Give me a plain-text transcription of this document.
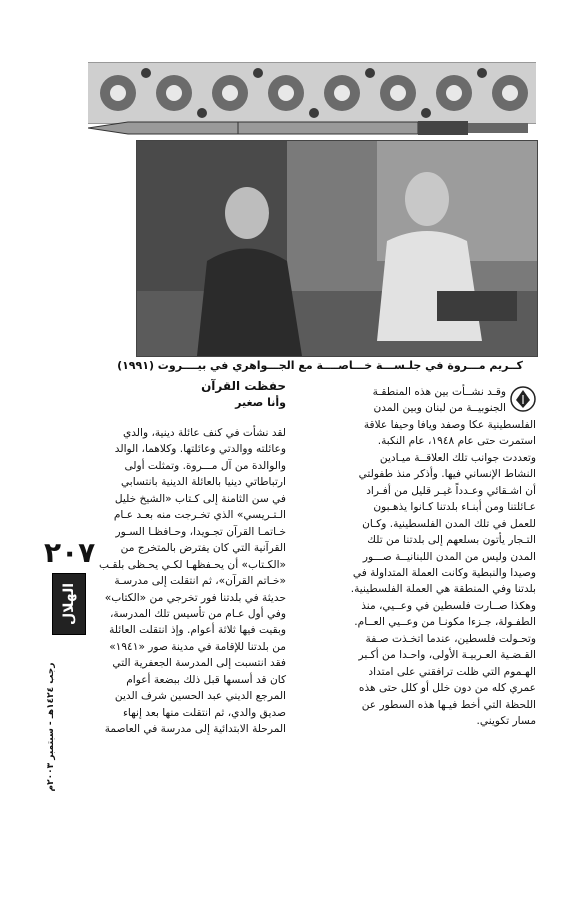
كــريم مـــروة في جلـســـة خـــاصــــة مع الجـــواهري في بيــــروت (١٩٩١)

وقـد نشــأت بين هذه المنطقـة

الجنوبيــة من لبنان وبين المدن

الفلسطينية عكا وصفد ويافا وحيفا علاقة

استمرت حتى عام ١٩٤٨، عام النكبة.

وتعددت جوانب تلك العلاقــة ميـادين

النشاط الإنساني فيها. وأذكر منذ طفولتي

أن اشـقائي وعـدداً غيـر قليل من أفـراد

عـائلتنا ومن أبنـاء بلدتنا كـانوا يذهـبون

للعمل في تلك المدن الفلسطينية. وكـان

التـجار يأتون بسلعهم إلى بلدتنا من تلك

المدن وليس من المدن اللبنانيــة صـــور

وصيدا والنبطية وكانت العملة المتداولة في

بلدتنا وفي المنطقة هي العملة الفلسطينية.

وهكذا صــارت فلسطين في وعــيي، منذ

الطفـولة، جـزءا مكونـا من وعــيي العــام.

وتحـولت فلسطين، عندما اتخـذت صـفة

القـضـية العـربيـة الأولى، واحـدا من أكـبر

الهـموم التي ظلت ترافقني على امتداد

عمري كله من دون خلل أو كلل حتى هذه

اللحظة التي أخط فيـها هذه السطور عن

مسار تكويني.

حفظت القرآن

وأنا صغير

لقد نشأت في كنف عائلة دينية، والدي

وعائلته ووالدتي وعائلتها. وكلاهما، الوالد

والوالدة من آل مـــروة. وتمثلت أولى

ارتباطاتي دينيا بالعائلة الدينية بانتسابي

في سن الثامنة إلى كـتاب «الشيخ خليل

الـتـريسي» الذي تخـرجت منه بعـد عـام

خـاتمـا القرآن تجـويدا، وحـافظـا السـور

القرآنية التي كان يفترض بالمتخرج من

«الكـتاب» أن يحـفظهـا لكـي يحـظى بلقـب

«خـاتم القرآن»، ثم انتقلت إلى مدرسـة

حديثة في بلدتنا فور تخرجي من «الكتاب»

وفي أول عـام من تأسيس تلك المدرسة،

وبقيت فيها ثلاثة أعوام. وإذ انتقلت العائلة

من بلدتنا للإقامة في مدينة صور «١٩٤١»

فقد انتسبت إلى المدرسة الجعفرية التي

كان قد أسسها قبل ذلك ببضعة أعوام

المرجع الديني عبد الحسين شرف الدين

صديق والدي، ثم انتقلت منها بعد إنهاء

المرحلة الابتدائية إلى مدرسة في العاصمة

٢٠٧
الهلال
رجب ١٤٢٤هـ - سبتمبر ٢٠٠٣م
